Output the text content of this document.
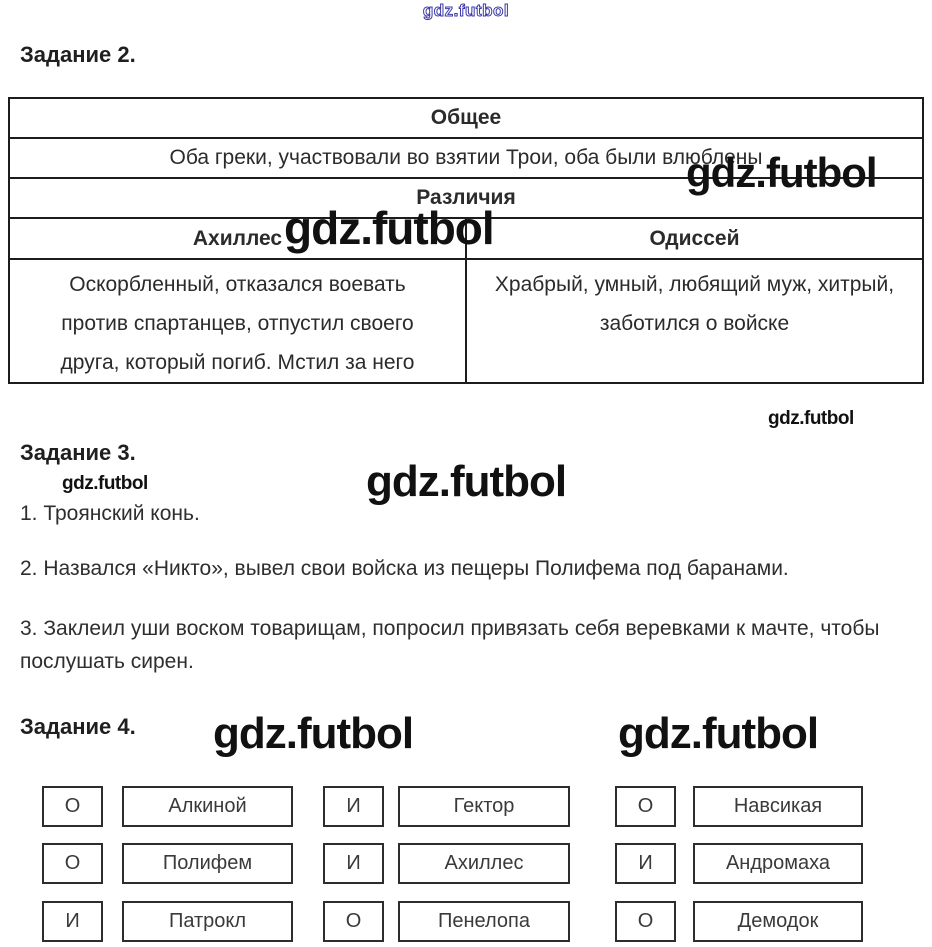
gdz.futbol
Задание 2.
Общее	
Оба греки, участвовали во взятии Трои, оба были влюблены	
Различия	
Ахиллес	Одиссей

Оскорбленный, отказался воевать против спартанцев, отпустил своего друга, который погиб. Мстил за него	Храбрый, умный, любящий муж, хитрый, заботился о войске
gdz.futbol
gdz.futbol
gdz.futbol
Задание 3.
gdz.futbol	gdz.futbol
1. Троянский конь.
2. Назвался «Никто», вывел свои войска из пещеры Полифема под баранами.
3. Заклеил уши воском товарищам, попросил привязать себя веревками к мачте, чтобы послушать сирен.
Задание 4. gdz.futbol	gdz.futbol
О	Алкиной	И	Гектор	О	Навсикая
О	Полифем	И	Ахиллес	И	Андромаха
И	Патрокл	О	Пенелопа	О	Демодок
